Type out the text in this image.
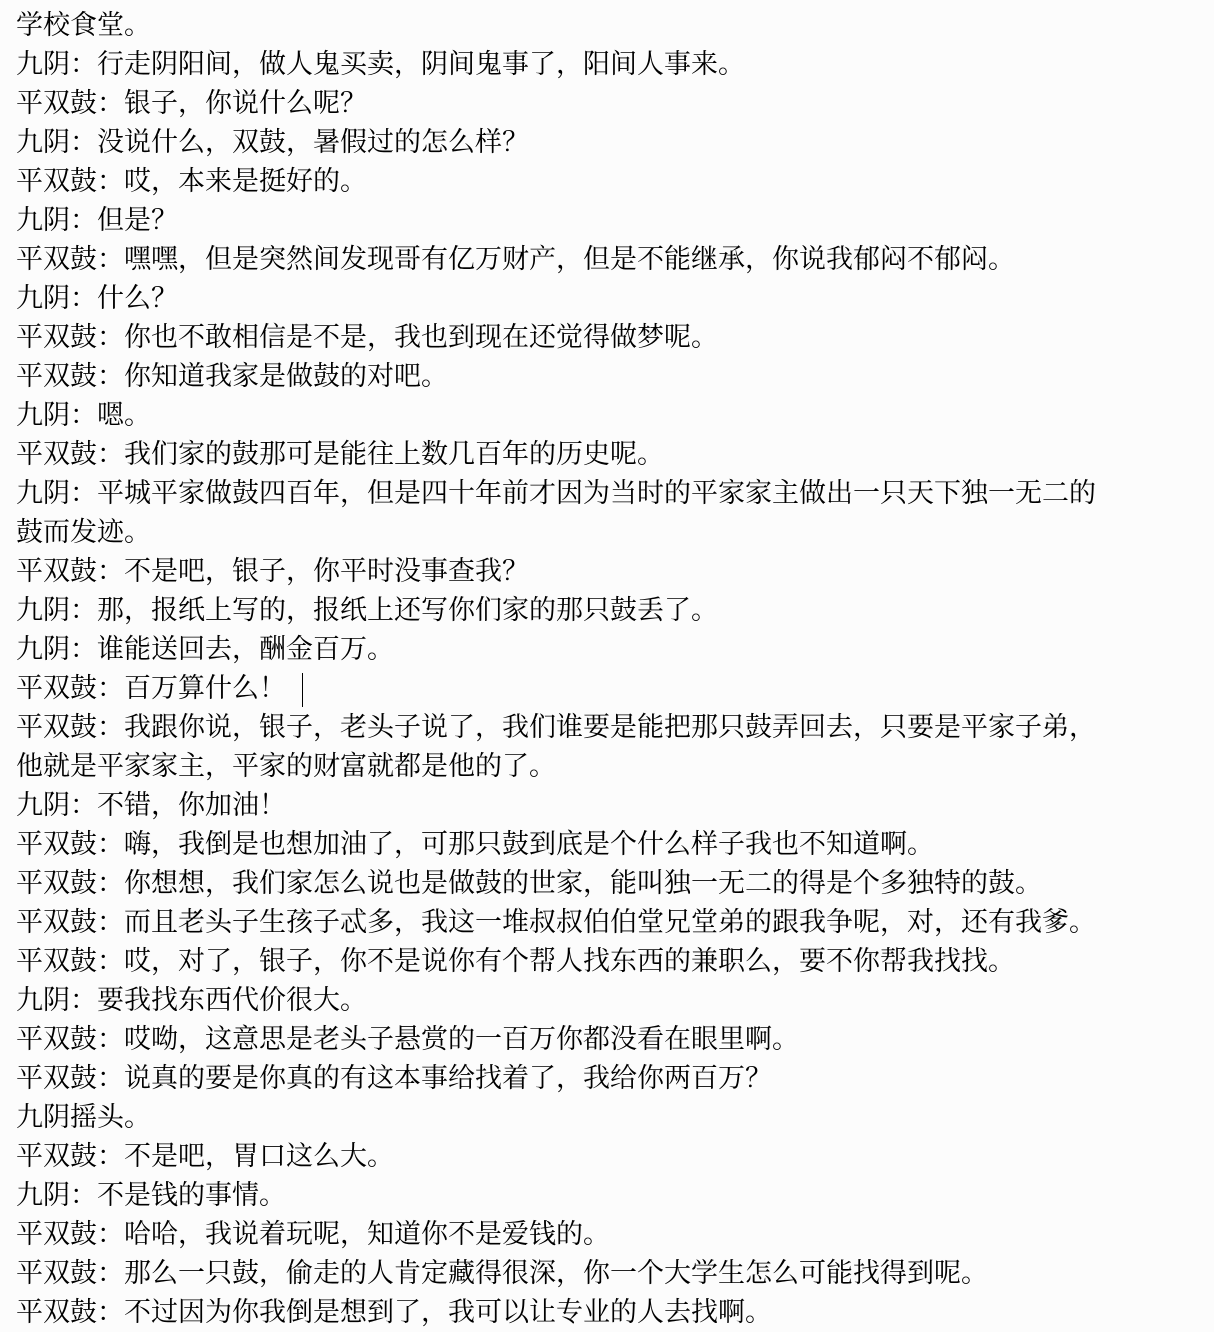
学校食堂。
九阴：行走阴阳间，做人鬼买卖，阴间鬼事了，阳间人事来。
平双鼓：银子，你说什么呢？
九阴：没说什么，双鼓，暑假过的怎么样？
平双鼓：哎，本来是挺好的。
九阴：但是？
平双鼓：嘿嘿，但是突然间发现哥有亿万财产，但是不能继承，你说我郁闷不郁闷。
九阴：什么？
平双鼓：你也不敢相信是不是，我也到现在还觉得做梦呢。
平双鼓：你知道我家是做鼓的对吧。
九阴：嗯。
平双鼓：我们家的鼓那可是能往上数几百年的历史呢。
九阴：平城平家做鼓四百年，但是四十年前才因为当时的平家家主做出一只天下独一无二的
鼓而发迹。
平双鼓：不是吧，银子，你平时没事查我？
九阴：那，报纸上写的，报纸上还写你们家的那只鼓丢了。
九阴：谁能送回去，酬金百万。
平双鼓：百万算什么！
平双鼓：我跟你说，银子，老头子说了，我们谁要是能把那只鼓弄回去，只要是平家子弟，
他就是平家家主，平家的财富就都是他的了。
九阴：不错，你加油！
平双鼓：嗨，我倒是也想加油了，可那只鼓到底是个什么样子我也不知道啊。
平双鼓：你想想，我们家怎么说也是做鼓的世家，能叫独一无二的得是个多独特的鼓。
平双鼓：而且老头子生孩子忒多，我这一堆叔叔伯伯堂兄堂弟的跟我争呢，对，还有我爹。
平双鼓：哎，对了，银子，你不是说你有个帮人找东西的兼职么，要不你帮我找找。
九阴：要我找东西代价很大。
平双鼓：哎呦，这意思是老头子悬赏的一百万你都没看在眼里啊。
平双鼓：说真的要是你真的有这本事给找着了，我给你两百万？
九阴摇头。
平双鼓：不是吧，胃口这么大。
九阴：不是钱的事情。
平双鼓：哈哈，我说着玩呢，知道你不是爱钱的。
平双鼓：那么一只鼓，偷走的人肯定藏得很深，你一个大学生怎么可能找得到呢。
平双鼓：不过因为你我倒是想到了，我可以让专业的人去找啊。
